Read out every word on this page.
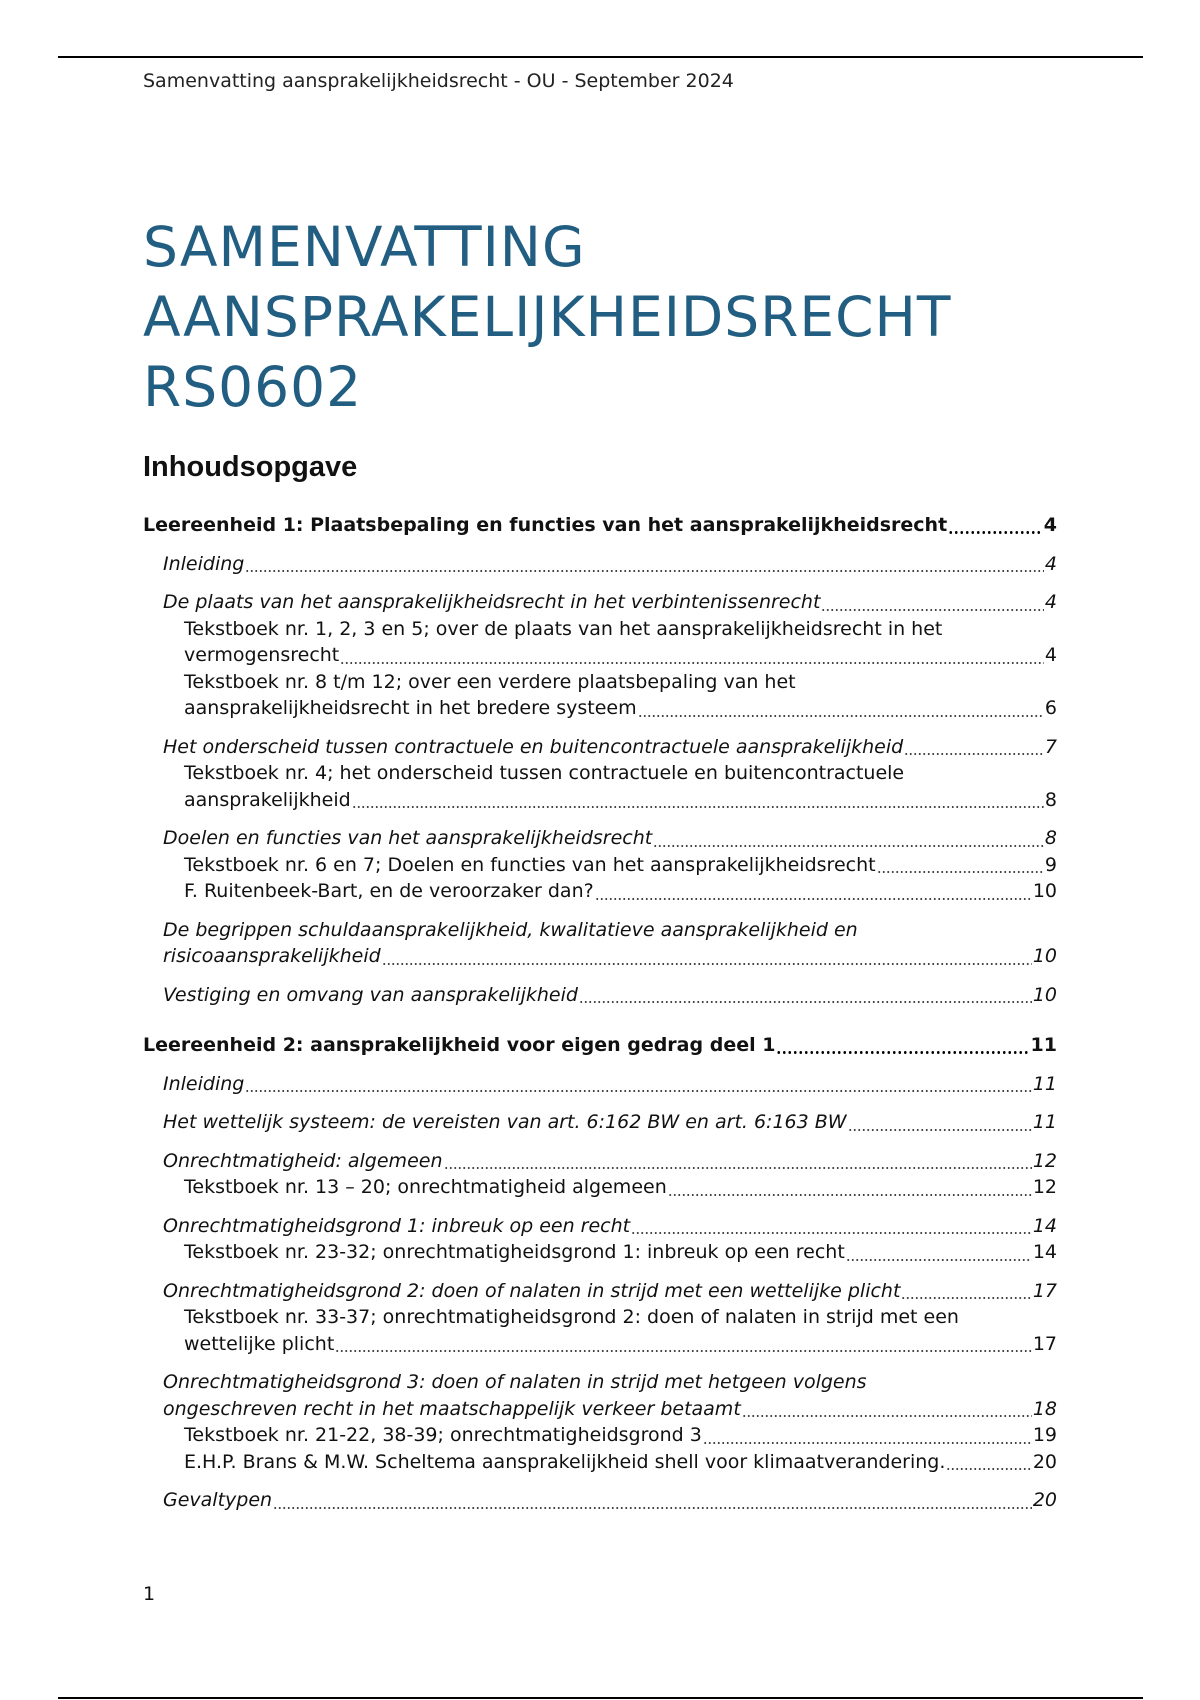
Samenvatting aansprakelijkheidsrecht - OU - September 2024
SAMENVATTING
AANSPRAKELIJKHEIDSRECHT
RS0602
Inhoudsopgave
Leereenheid 1: Plaatsbepaling en functies van het aansprakelijkheidsrecht	4
Inleiding	4
De plaats van het aansprakelijkheidsrecht in het verbintenissenrecht	4
Tekstboek nr. 1, 2, 3 en 5; over de plaats van het aansprakelijkheidsrecht in het
vermogensrecht	4
Tekstboek nr. 8 t/m 12; over een verdere plaatsbepaling van het
aansprakelijkheidsrecht in het bredere systeem	6
Het onderscheid tussen contractuele en buitencontractuele aansprakelijkheid	7
Tekstboek nr. 4; het onderscheid tussen contractuele en buitencontractuele
aansprakelijkheid	8
Doelen en functies van het aansprakelijkheidsrecht	8
Tekstboek nr. 6 en 7; Doelen en functies van het aansprakelijkheidsrecht	9
F. Ruitenbeek-Bart, en de veroorzaker dan?	10
De begrippen schuldaansprakelijkheid, kwalitatieve aansprakelijkheid en
risicoaansprakelijkheid	10
Vestiging en omvang van aansprakelijkheid	10
Leereenheid 2: aansprakelijkheid voor eigen gedrag deel 1	11
Inleiding	11
Het wettelijk systeem: de vereisten van art. 6:162 BW en art. 6:163 BW	11
Onrechtmatigheid: algemeen	12
Tekstboek nr. 13 – 20; onrechtmatigheid algemeen	12
Onrechtmatigheidsgrond 1: inbreuk op een recht	14
Tekstboek nr. 23-32; onrechtmatigheidsgrond 1: inbreuk op een recht	14
Onrechtmatigheidsgrond 2: doen of nalaten in strijd met een wettelijke plicht	17
Tekstboek nr. 33-37; onrechtmatigheidsgrond 2: doen of nalaten in strijd met een
wettelijke plicht	17
Onrechtmatigheidsgrond 3: doen of nalaten in strijd met hetgeen volgens
ongeschreven recht in het maatschappelijk verkeer betaamt	18
Tekstboek nr. 21-22, 38-39; onrechtmatigheidsgrond 3	19
E.H.P. Brans & M.W. Scheltema aansprakelijkheid shell voor klimaatverandering.	20
Gevaltypen	20
1
